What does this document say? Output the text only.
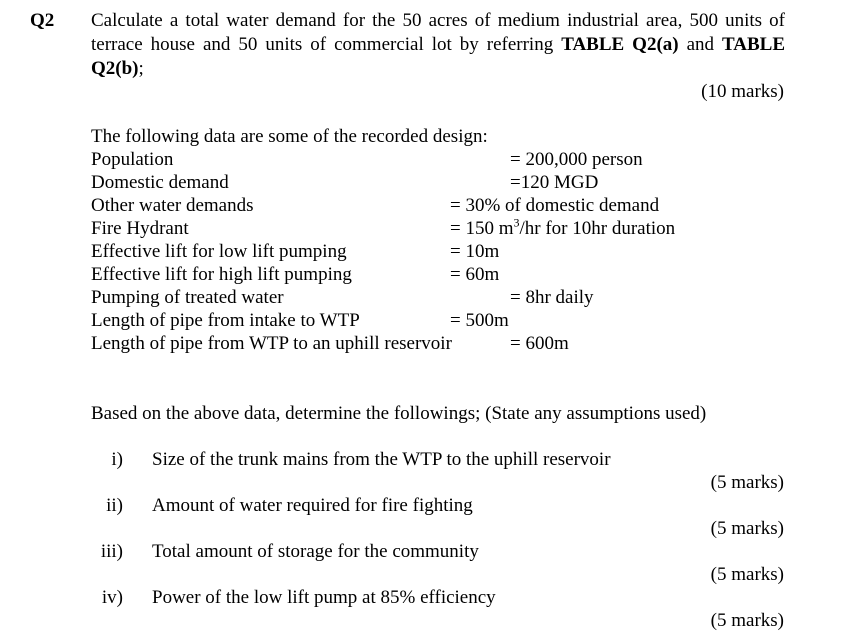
Q2 Calculate a total water demand for the 50 acres of medium industrial area, 500 units of terrace house and 50 units of commercial lot by referring TABLE Q2(a) and TABLE Q2(b);
(10 marks)
The following data are some of the recorded design:
Population	= 200,000 person
Domestic demand	=120 MGD
Other water demands	= 30% of domestic demand
Fire Hydrant	= 150 $m^3/hr$ for 10hr duration
Effective lift for low lift pumping	= 10m
Effective lift for high lift pumping	= 60m
Pumping of treated water	= 8hr daily
Length of pipe from intake to WTP	= 500m
Length of pipe from WTP to an uphill reservoir	= 600m
Based on the above data, determine the followings; (State any assumptions used)
i) Size of the trunk mains from the WTP to the uphill reservoir
(5 marks)
ii) Amount of water required for fire fighting
(5 marks)
iii) Total amount of storage for the community
(5 marks)
iv) Power of the low lift pump at 85% efficiency
(5 marks)
